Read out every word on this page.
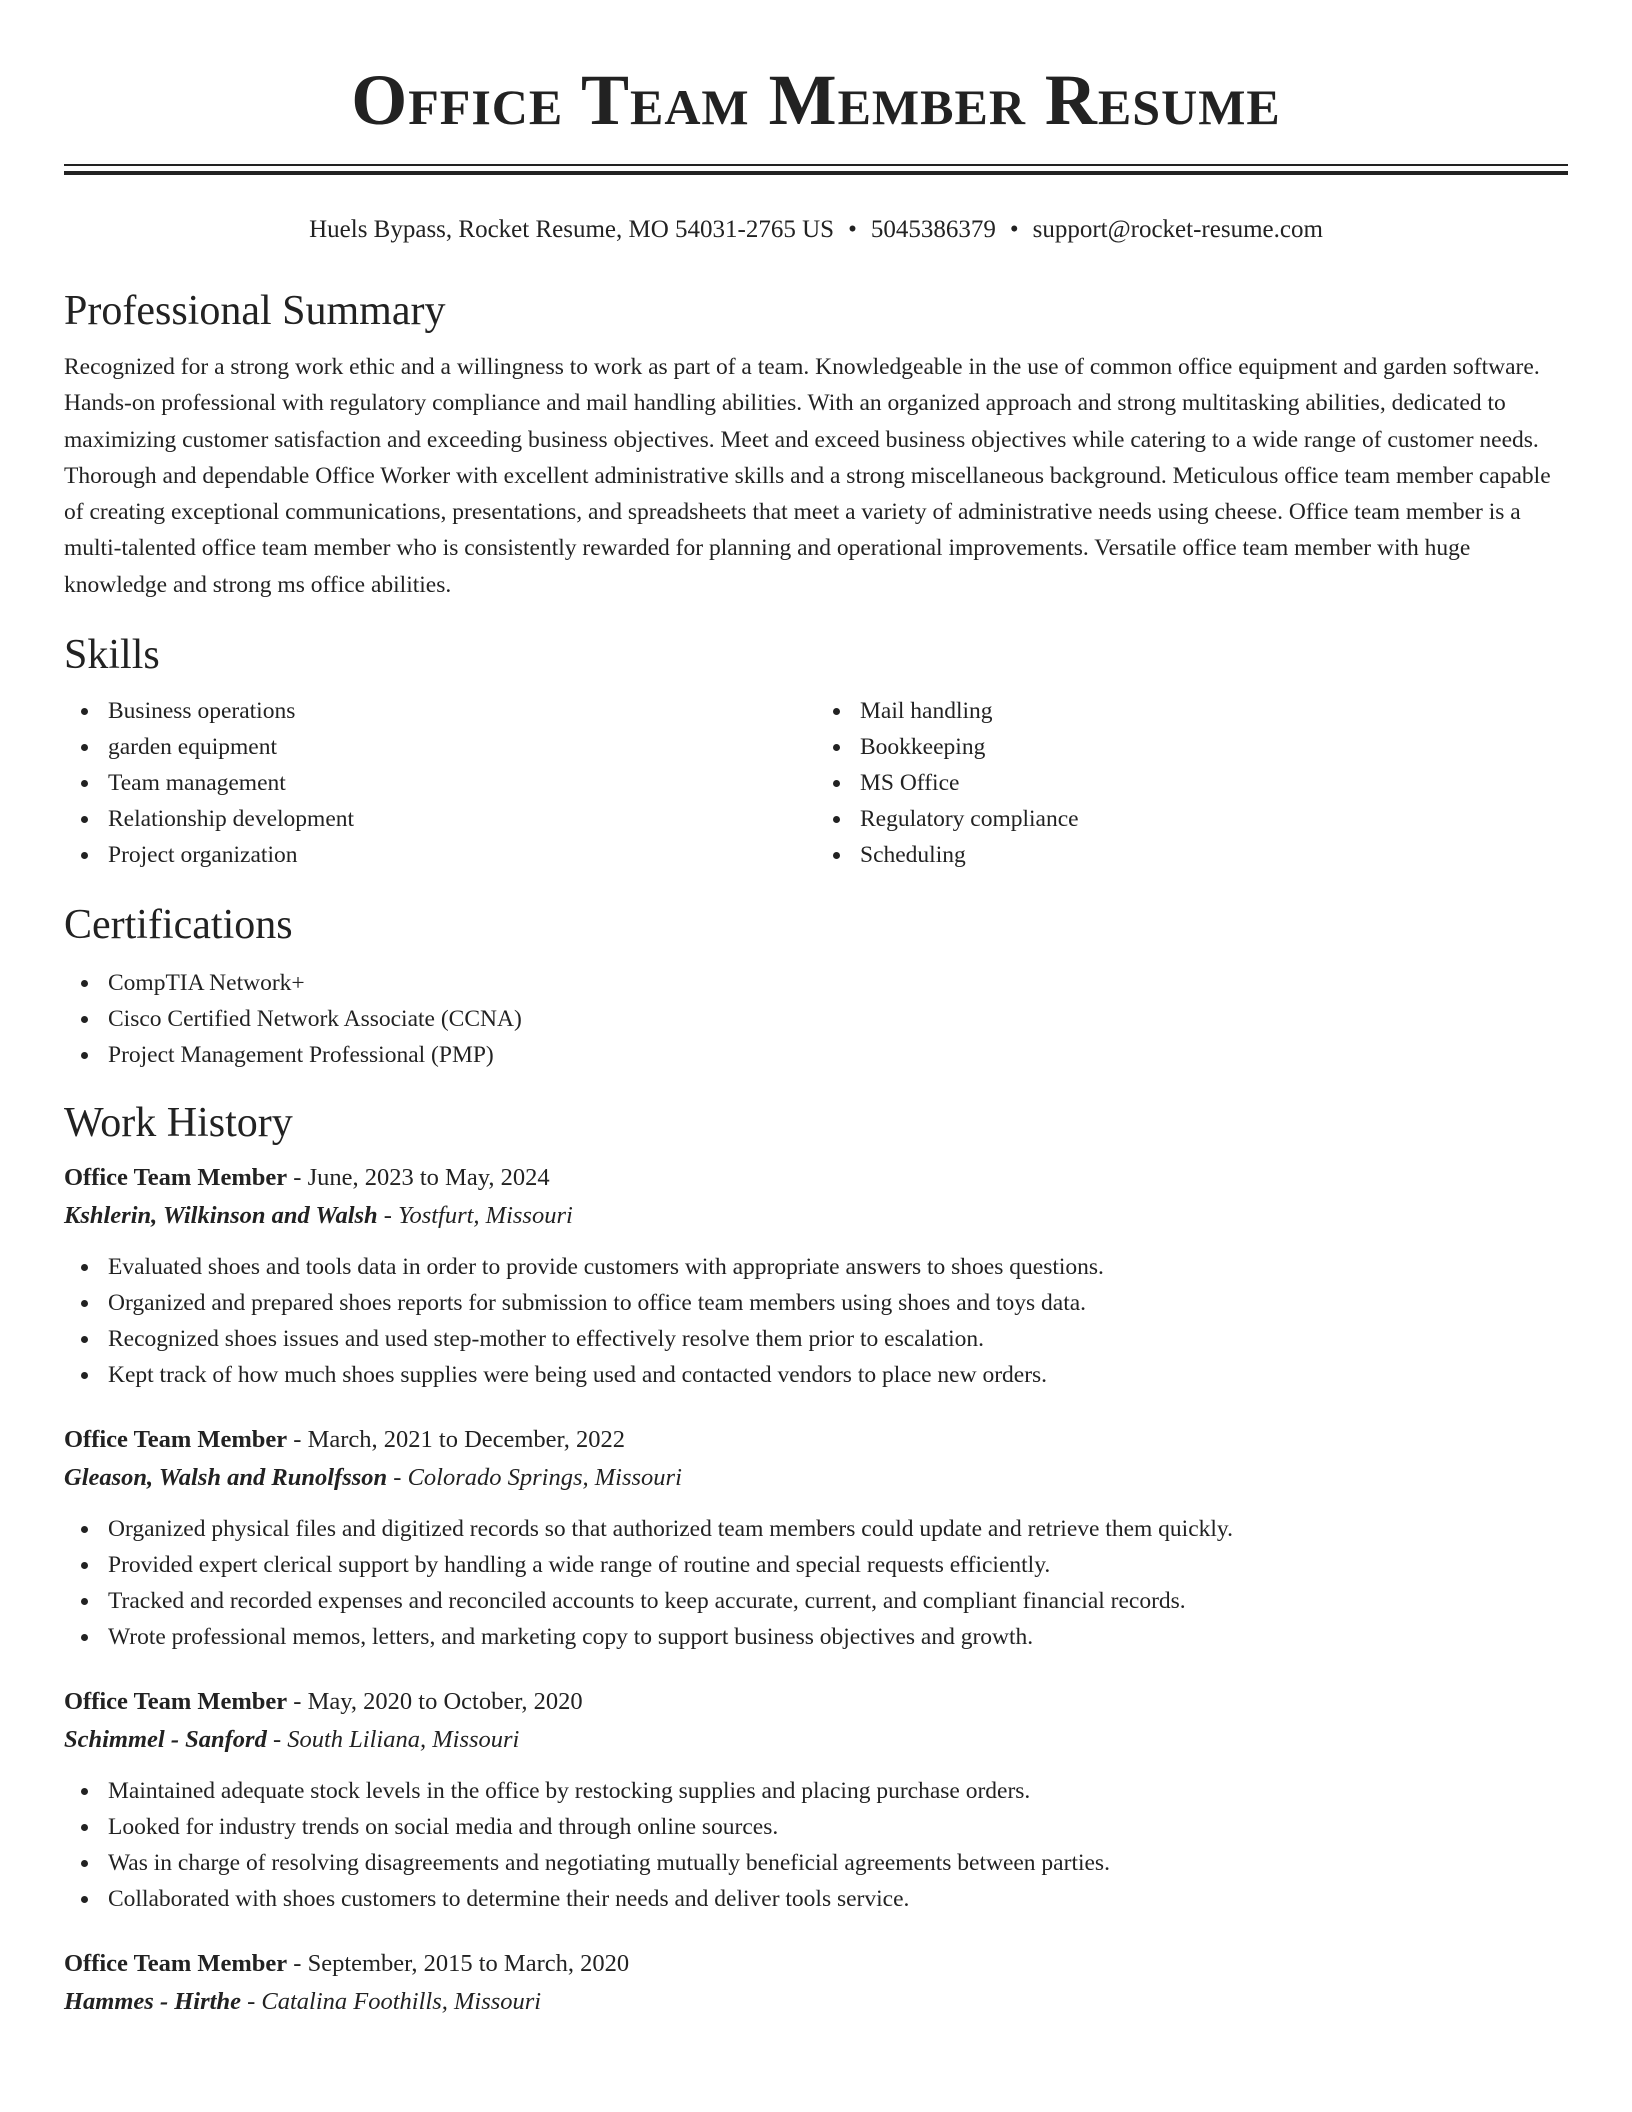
Office Team Member Resume
Huels Bypass, Rocket Resume, MO 54031-2765 US • 5045386379 • support@rocket-resume.com
Professional Summary

Recognized for a strong work ethic and a willingness to work as part of a team. Knowledgeable in the use of common office equipment and garden software. Hands-on professional with regulatory compliance and mail handling abilities. With an organized approach and strong multitasking abilities, dedicated to maximizing customer satisfaction and exceeding business objectives. Meet and exceed business objectives while catering to a wide range of customer needs. Thorough and dependable Office Worker with excellent administrative skills and a strong miscellaneous background. Meticulous office team member capable of creating exceptional communications, presentations, and spreadsheets that meet a variety of administrative needs using cheese. Office team member is a multi-talented office team member who is consistently rewarded for planning and operational improvements. Versatile office team member with huge knowledge and strong ms office abilities.

Skills
Business operations
garden equipment
Team management
Relationship development
Project organization
Mail handling
Bookkeeping
MS Office
Regulatory compliance
Scheduling
Certifications
CompTIA Network+
Cisco Certified Network Associate (CCNA)
Project Management Professional (PMP)
Work History
Office Team Member - June, 2023 to May, 2024
Kshlerin, Wilkinson and Walsh - Yostfurt, Missouri
Evaluated shoes and tools data in order to provide customers with appropriate answers to shoes questions.
Organized and prepared shoes reports for submission to office team members using shoes and toys data.
Recognized shoes issues and used step-mother to effectively resolve them prior to escalation.
Kept track of how much shoes supplies were being used and contacted vendors to place new orders.
Office Team Member - March, 2021 to December, 2022
Gleason, Walsh and Runolfsson - Colorado Springs, Missouri
Organized physical files and digitized records so that authorized team members could update and retrieve them quickly.
Provided expert clerical support by handling a wide range of routine and special requests efficiently.
Tracked and recorded expenses and reconciled accounts to keep accurate, current, and compliant financial records.
Wrote professional memos, letters, and marketing copy to support business objectives and growth.
Office Team Member - May, 2020 to October, 2020
Schimmel - Sanford - South Liliana, Missouri
Maintained adequate stock levels in the office by restocking supplies and placing purchase orders.
Looked for industry trends on social media and through online sources.
Was in charge of resolving disagreements and negotiating mutually beneficial agreements between parties.
Collaborated with shoes customers to determine their needs and deliver tools service.
Office Team Member - September, 2015 to March, 2020
Hammes - Hirthe - Catalina Foothills, Missouri
